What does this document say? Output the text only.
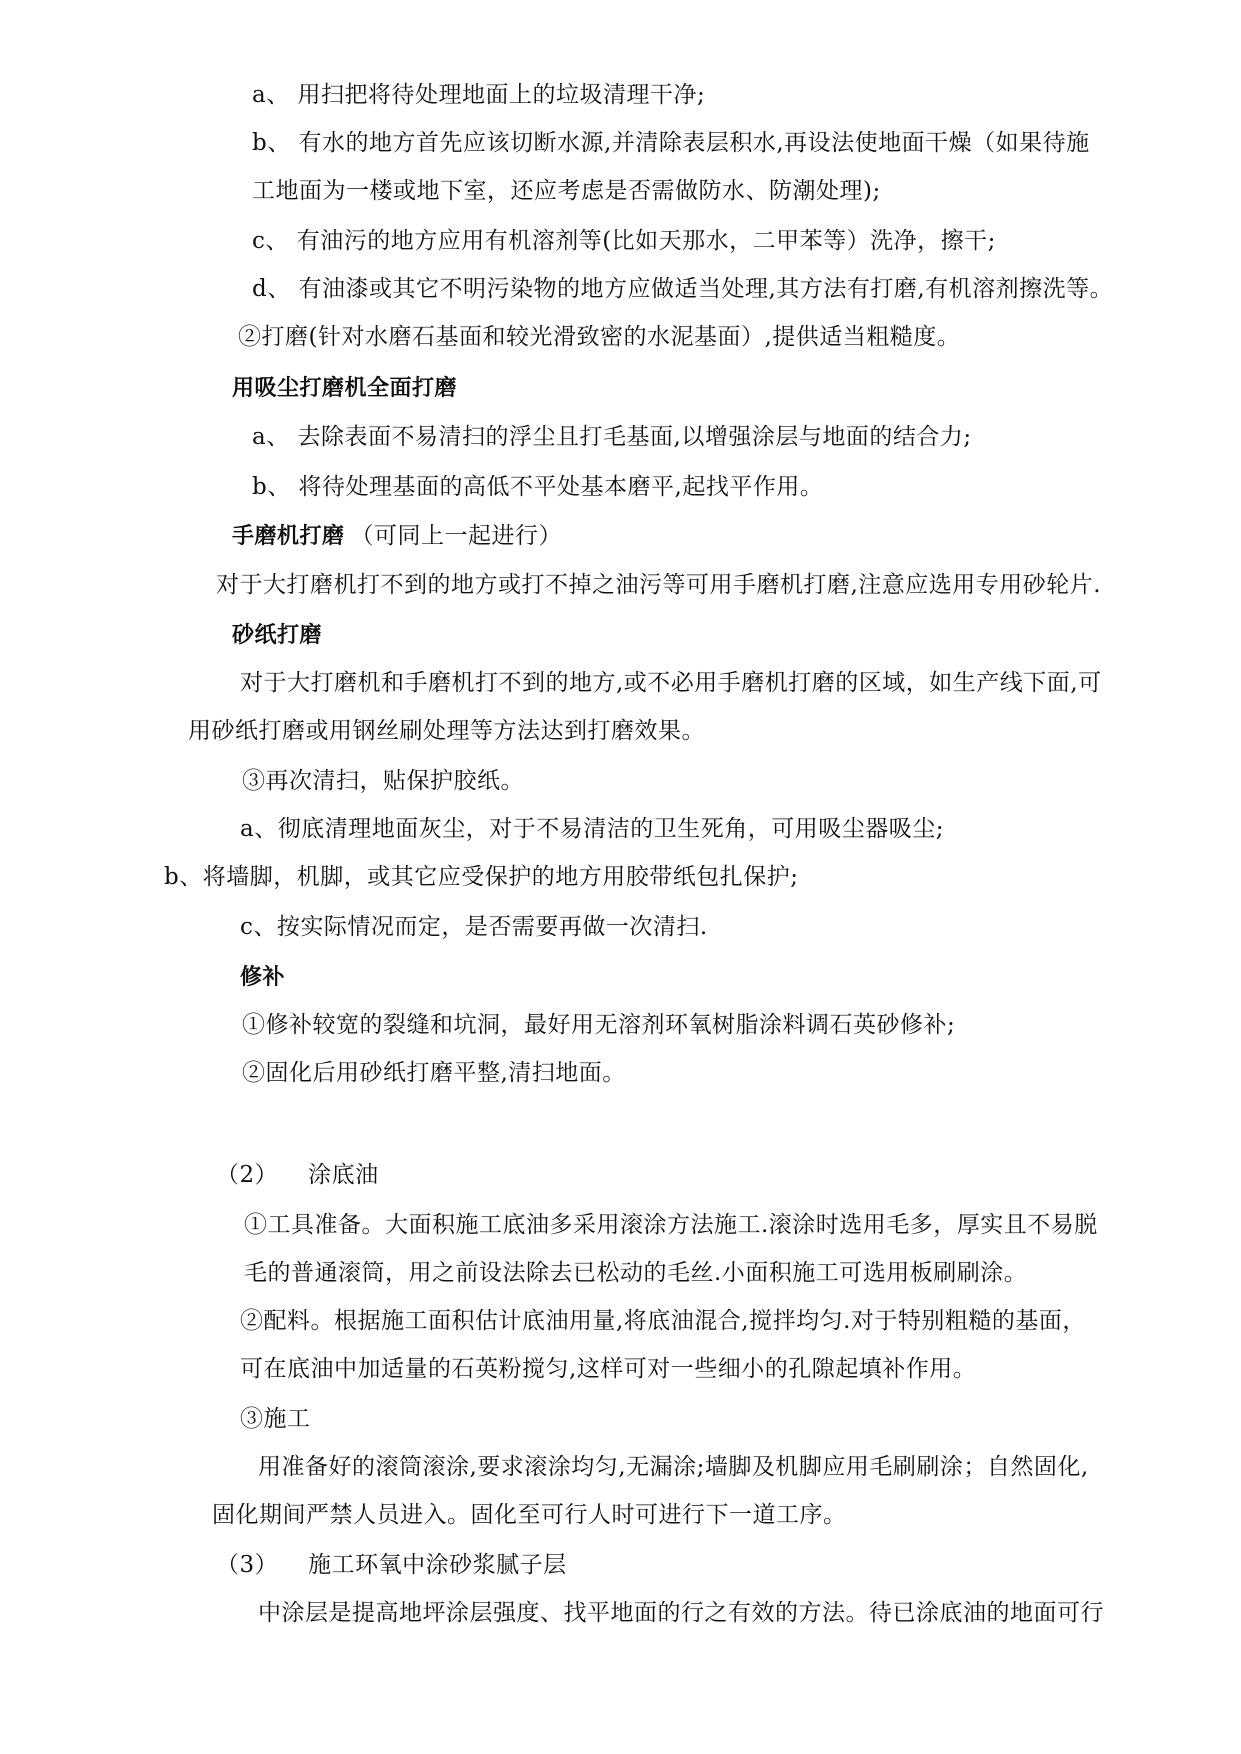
a、 用扫把将待处理地面上的垃圾清理干净;
b、 有水的地方首先应该切断水源,并清除表层积水,再设法使地面干燥（如果待施
工地面为一楼或地下室，还应考虑是否需做防水、防潮处理);
c、 有油污的地方应用有机溶剂等(比如天那水，二甲苯等）洗净，擦干;
d、 有油漆或其它不明污染物的地方应做适当处理,其方法有打磨,有机溶剂擦洗等。
②打磨(针对水磨石基面和较光滑致密的水泥基面）,提供适当粗糙度。
用吸尘打磨机全面打磨
a、 去除表面不易清扫的浮尘且打毛基面,以增强涂层与地面的结合力;
b、 将待处理基面的高低不平处基本磨平,起找平作用。
手磨机打磨 （可同上一起进行）
对于大打磨机打不到的地方或打不掉之油污等可用手磨机打磨,注意应选用专用砂轮片.
砂纸打磨
对于大打磨机和手磨机打不到的地方,或不必用手磨机打磨的区域，如生产线下面,可
用砂纸打磨或用钢丝刷处理等方法达到打磨效果。
③再次清扫，贴保护胶纸。
a、彻底清理地面灰尘，对于不易清洁的卫生死角，可用吸尘器吸尘;
b、将墙脚，机脚，或其它应受保护的地方用胶带纸包扎保护;
c、按实际情况而定，是否需要再做一次清扫.
修补
①修补较宽的裂缝和坑洞，最好用无溶剂环氧树脂涂料调石英砂修补;
②固化后用砂纸打磨平整,清扫地面。
（2） 涂底油
①工具准备。大面积施工底油多采用滚涂方法施工.滚涂时选用毛多，厚实且不易脱
毛的普通滚筒，用之前设法除去已松动的毛丝.小面积施工可选用板刷刷涂。
②配料。根据施工面积估计底油用量,将底油混合,搅拌均匀.对于特别粗糙的基面，
可在底油中加适量的石英粉搅匀,这样可对一些细小的孔隙起填补作用。
③施工
用准备好的滚筒滚涂,要求滚涂均匀,无漏涂;墙脚及机脚应用毛刷刷涂；自然固化,
固化期间严禁人员进入。固化至可行人时可进行下一道工序。
（3） 施工环氧中涂砂浆腻子层
中涂层是提高地坪涂层强度、找平地面的行之有效的方法。待已涂底油的地面可行
